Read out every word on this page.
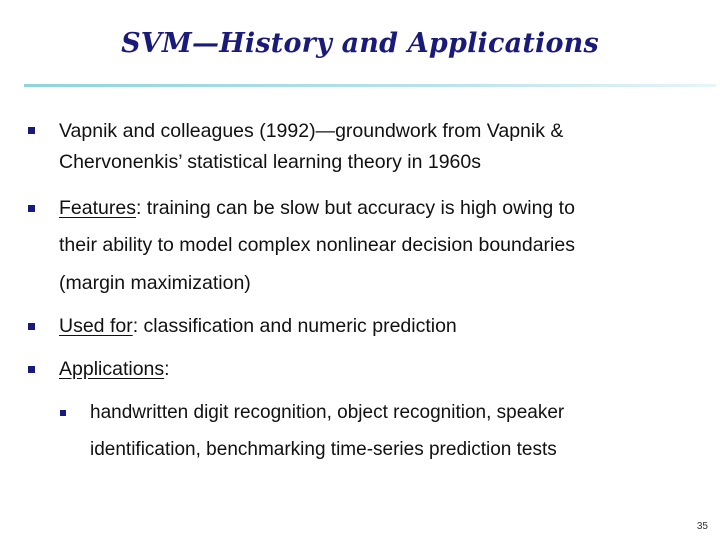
SVM—History and Applications
Vapnik and colleagues (1992)—groundwork from Vapnik &
Chervonenkis’ statistical learning theory in 1960s
Features: training can be slow but accuracy is high owing to
their ability to model complex nonlinear decision boundaries
(margin maximization)
Used for: classification and numeric prediction
Applications:
handwritten digit recognition, object recognition, speaker
identification, benchmarking time-series prediction tests
35
